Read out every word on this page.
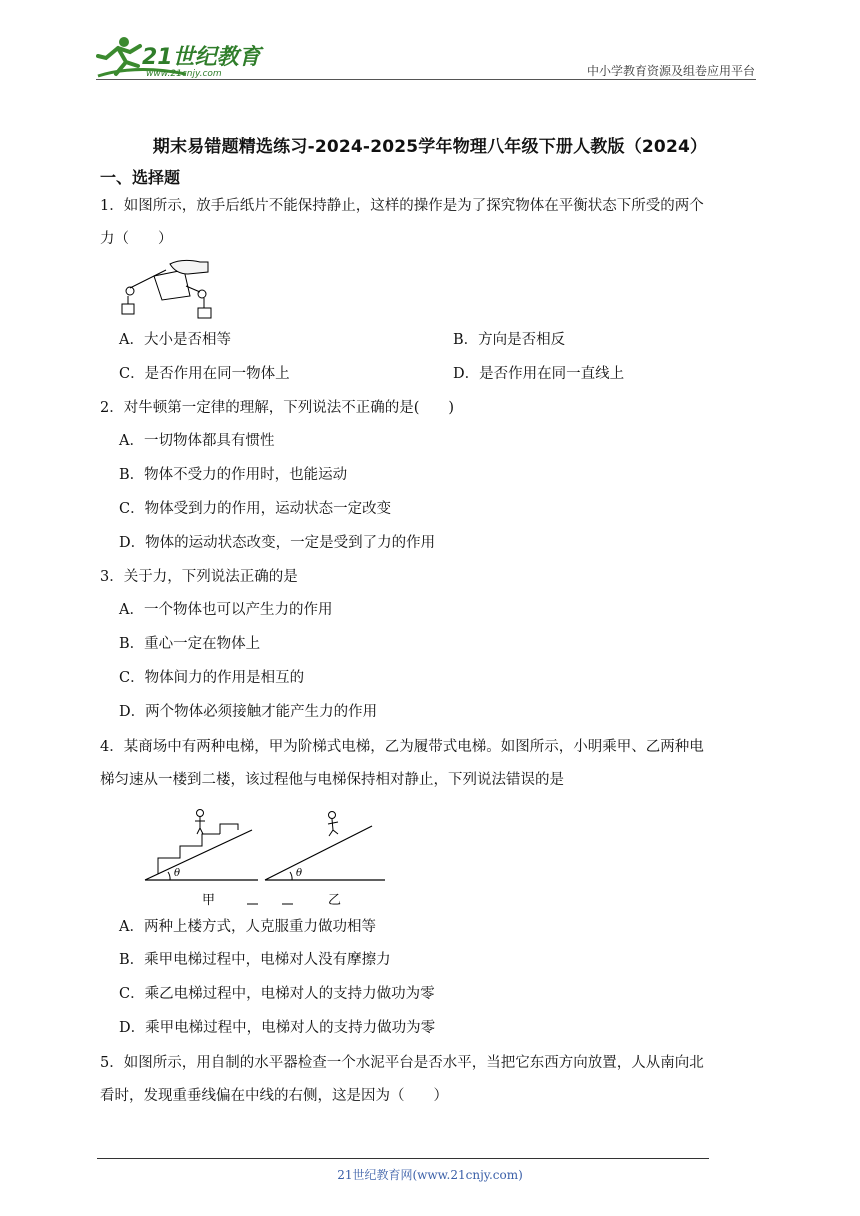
21世纪教育
www.21cnjy.com	中小学教育资源及组卷应用平台
期末易错题精选练习-2024-2025学年物理八年级下册人教版（2024）
一、选择题
1．如图所示，放手后纸片不能保持静止，这样的操作是为了探究物体在平衡状态下所受的两个
力（　　）
A．大小是否相等	B．方向是否相反
C．是否作用在同一物体上	D．是否作用在同一直线上
2．对牛顿第一定律的理解，下列说法不正确的是(　　)
A．一切物体都具有惯性
B．物体不受力的作用时，也能运动
C．物体受到力的作用，运动状态一定改变
D．物体的运动状态改变，一定是受到了力的作用
3．关于力，下列说法正确的是
A．一个物体也可以产生力的作用
B．重心一定在物体上
C．物体间力的作用是相互的
D．两个物体必须接触才能产生力的作用
4．某商场中有两种电梯，甲为阶梯式电梯，乙为履带式电梯。如图所示，小明乘甲、乙两种电
梯匀速从一楼到二楼，该过程他与电梯保持相对静止，下列说法错误的是
θ
甲
θ
乙
A．两种上楼方式，人克服重力做功相等
B．乘甲电梯过程中，电梯对人没有摩擦力
C．乘乙电梯过程中，电梯对人的支持力做功为零
D．乘甲电梯过程中，电梯对人的支持力做功为零
5．如图所示，用自制的水平器检查一个水泥平台是否水平，当把它东西方向放置，人从南向北
看时，发现重垂线偏在中线的右侧，这是因为（　　）
21世纪教育网(www.21cnjy.com)
